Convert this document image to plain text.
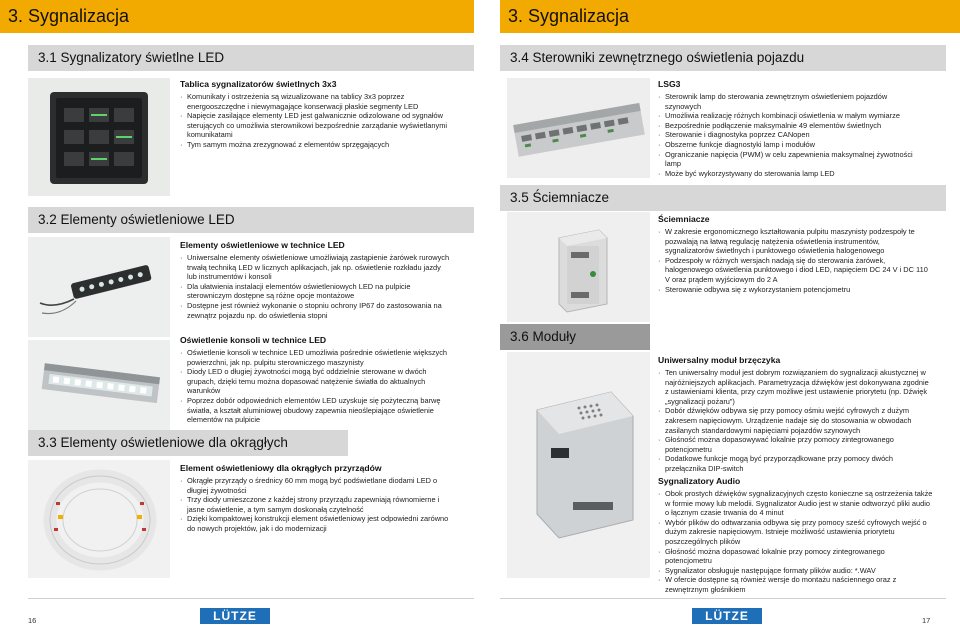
3. Sygnalizacja
3.1 Sygnalizatory świetlne LED
Tablica sygnalizatorów świetlnych 3x3
· Komunikaty i ostrzeżenia są wizualizowane na tablicy 3x3 poprzez energooszczędne i niewymagające konserwacji płaskie segmenty LED
· Napięcie zasilające elementy LED jest galwanicznie odizolowane od sygnałów sterujących co umożliwia sterownikowi bezpośrednie zarządanie wyświetlanymi komunikatami
· Tym samym można zrezygnować z elementów sprzęgających
3.2 Elementy oświetleniowe LED
Elementy oświetleniowe w technice LED
· Uniwersalne elementy oświetleniowe umożliwiają zastąpienie żarówek rurowych trwałą techniką LED w licznych aplikacjach, jak np. oświetlenie rozkładu jazdy lub instrumentów i konsoli
· Dla ułatwienia instalacji elementów oświetleniowych LED na pulpicie sterowniczym dostępne są różne opcje montażowe
· Dostępne jest również wykonanie o stopniu ochrony IP67 do zastosowania na zewnątrz pojazdu np. do oświetlenia stopni
Oświetlenie konsoli w technice LED
· Oświetlenie konsoli w technice LED umożliwia pośrednie oświetlenie większych powierzchni, jak np. pulpitu sterowniczego maszynisty
· Diody LED o długiej żywotności mogą być oddzielnie sterowane w dwóch grupach, dzięki temu można dopasować natężenie światła do aktualnych warunków
· Poprzez dobór odpowiednich elementów LED uzyskuje się pożyteczną barwę światła, a kształt aluminiowej obudowy zapewnia nieoślepiające oświetlenie elementów na pulpicie
3.3 Elementy oświetleniowe dla okrągłych
Element oświetleniowy dla okrągłych przyrządów
· Okrągłe przyrządy o średnicy 60 mm mogą być podświetlane diodami LED o długiej żywotności
· Trzy diody umieszczone z każdej strony przyrządu zapewniają równomierne i jasne oświetlenie, a tym samym doskonałą czytelność
· Dzięki kompaktowej konstrukcji element oświetleniowy jest odpowiedni zarówno do nowych projektów, jak i do modernizacji
16	LÜTZE
3. Sygnalizacja
3.4 Sterowniki zewnętrznego oświetlenia pojazdu
LSG3
· Sterownik lamp do sterowania zewnętrznym oświetleniem pojazdów szynowych
· Umożliwia realizację różnych kombinacji oświetlenia w małym wymiarze
· Bezpośrednie podłączenie maksymalnie 49 elementów świetlnych
· Sterowanie i diagnostyka poprzez CANopen
· Obszerne funkcje diagnostyki lamp i modułów
· Ograniczanie napięcia (PWM) w celu zapewnienia maksymalnej żywotności lamp
· Może być wykorzystywany do sterowania lamp LED
3.5 Ściemniacze
Ściemniacze
· W zakresie ergonomicznego kształtowania pulpitu maszynisty podzespoły te pozwalają na łatwą regulację natężenia oświetlenia instrumentów, sygnalizatorów świetlnych i punktowego oświetlenia halogenowego
· Podzespoły w różnych wersjach nadają się do sterowania żarówek, halogenowego oświetlenia punktowego i diod LED, napięciem DC 24 V i DC 110 V oraz prądem wyjściowym do 2 A
· Sterowanie odbywa się z wykorzystaniem potencjometru
3.6 Moduły
Uniwersalny moduł brzęczyka
· Ten uniwersalny moduł jest dobrym rozwiązaniem do sygnalizacji akustycznej w najróżniejszych aplikacjach. Parametryzacja dźwięków jest dokonywana zgodnie z ustawieniami klienta, przy czym możliwe jest ustawienie priorytetu (np. Dźwięk „sygnalizacji pożaru”)
· Dobór dźwięków odbywa się przy pomocy ośmiu wejść cyfrowych z dużym zakresem napięciowym. Urządzenie nadaje się do stosowania w obwodach zasilanych standardowymi napięciami pojazdów szynowych
· Głośność można dopasowywać lokalnie przy pomocy zintegrowanego potencjometru
· Dodatkowe funkcje mogą być przyporządkowane przy pomocy dwóch przełącznika DIP-switch
Sygnalizatory Audio
· Obok prostych dźwięków sygnalizacyjnych często konieczne są ostrzeżenia także w formie mowy lub melodii. Sygnalizator Audio jest w stanie odtworzyć pliki audio o łącznym czasie trwania do 4 minut
· Wybór plików do odtwarzania odbywa się przy pomocy sześć cyfrowych wejść o dużym zakresie napięciowym. Istnieje możliwość ustawienia priorytetu poszczególnych plików
· Głośność można dopasować lokalnie przy pomocy zintegrowanego potencjometru
· Sygnalizator obsługuje następujące formaty plików audio: *.WAV
· W ofercie dostępne są również wersje do montażu naściennego oraz z zewnętrznym głośnikiem
17
LÜTZE
